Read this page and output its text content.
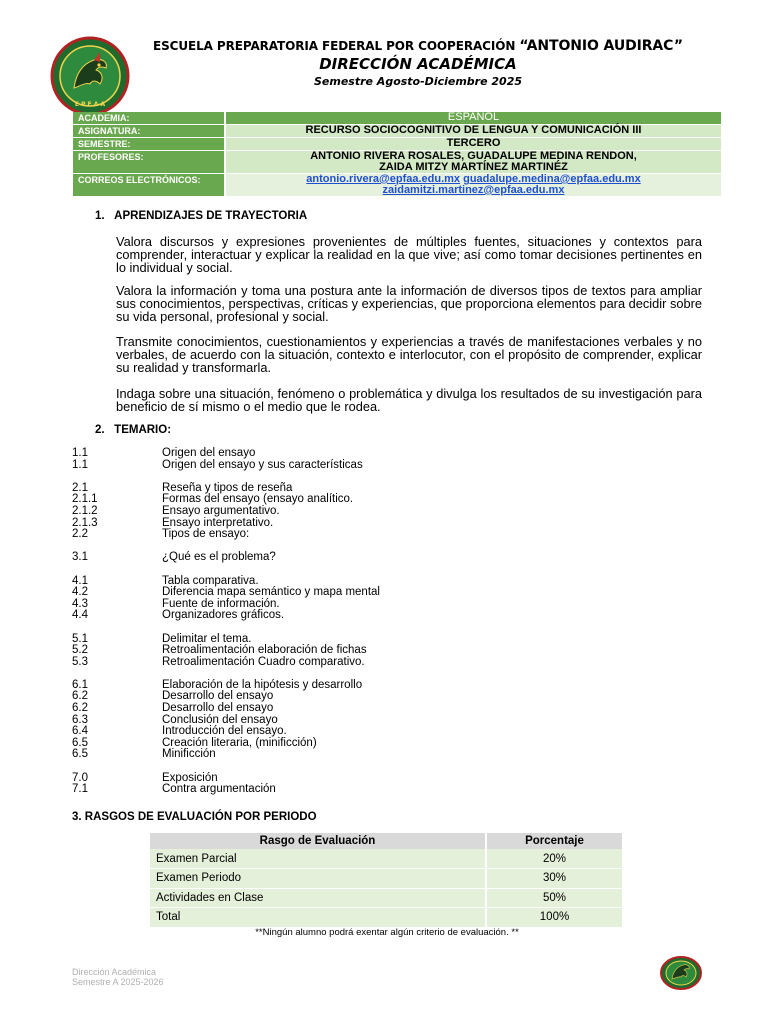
E P F A A
ESCUELA PREPARATORIA FEDERAL POR COOPERACIÓN “ANTONIO AUDIRAC”
DIRECCIÓN ACADÉMICA
Semestre Agosto-Diciembre 2025
ACADEMIA:	ESPAÑOL
ASIGNATURA:	RECURSO SOCIOCOGNITIVO DE LENGUA Y COMUNICACIÓN III
SEMESTRE:	TERCERO
PROFESORES:	ANTONIO RIVERA ROSALES, GUADALUPE MEDINA RENDON,
ZAIDA MITZY MARTÍNEZ MARTINÉZ

CORREOS ELECTRÓNICOS:	antonio.rivera@epfaa.edu.mx guadalupe.medina@epfaa.edu.mx
zaidamitzi.martinez@epfaa.edu.mx
1.   APRENDIZAJES DE TRAYECTORIA
Valora discursos y expresiones provenientes de múltiples fuentes, situaciones y contextos para comprender, interactuar y explicar la realidad en la que vive; así como tomar decisiones pertinentes en lo individual y social.
Valora la información y toma una postura ante la información de diversos tipos de textos para ampliar sus conocimientos, perspectivas, críticas y experiencias, que proporciona elementos para decidir sobre su vida personal, profesional y social.
Transmite conocimientos, cuestionamientos y experiencias a través de manifestaciones verbales y no verbales, de acuerdo con la situación, contexto e interlocutor, con el propósito de comprender, explicar su realidad y transformarla.
Indaga sobre una situación, fenómeno o problemática y divulga los resultados de su investigación para beneficio de sí mismo o el medio que le rodea.
2.   TEMARIO:
1.1	Origen del ensayo
1.1	Origen del ensayo y sus características
2.1	Reseña y tipos de reseña
2.1.1	Formas del ensayo (ensayo analítico.
2.1.2	Ensayo argumentativo.
2.1.3	Ensayo interpretativo.
2.2	Tipos de ensayo:
3.1	¿Qué es el problema?
4.1	Tabla comparativa.
4.2	Diferencia mapa semántico y mapa mental
4.3	Fuente de información.
4.4	Organizadores gráficos.
5.1	Delimitar el tema.
5.2	Retroalimentación elaboración de fichas
5.3	Retroalimentación Cuadro comparativo.
6.1	Elaboración de la hipótesis y desarrollo
6.2	Desarrollo del ensayo
6.2	Desarrollo del ensayo
6.3	Conclusión del ensayo
6.4	Introducción del ensayo.
6.5	Creación literaria, (minificción)
6.5	Minificción
7.0	Exposición
7.1	Contra argumentación
3. RASGOS DE EVALUACIÓN POR PERIODO
Rasgo de Evaluación	Porcentaje
Examen Parcial	20%
Examen Periodo	30%
Actividades en Clase	50%
Total	100%
**Ningún alumno podrá exentar algún criterio de evaluación. **
Dirección Académica
Semestre A 2025-2026
